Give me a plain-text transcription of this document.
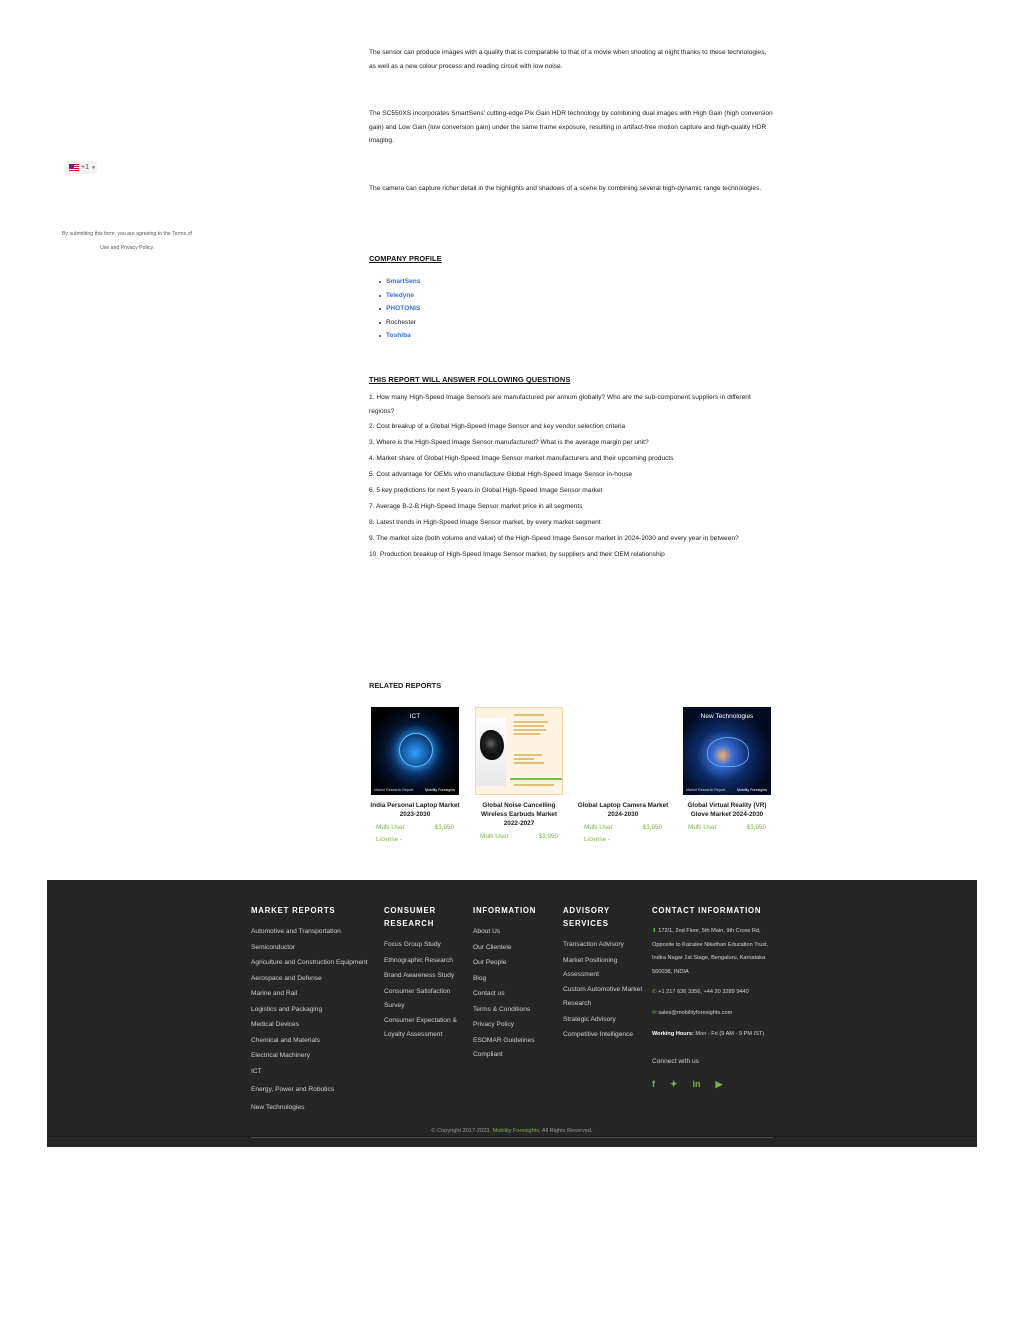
+1 ▼
By submitting this form, you are agreeing to the Terms of Use and Privacy Policy.

The sensor can produce images with a quality that is comparable to that of a movie when shooting at night thanks to these technologies, as well as a new colour process and reading circuit with low noise.

The SC550XS incorporates SmartSens' cutting-edge Pix Gain HDR technology by combining dual images with High Gain (high conversion gain) and Low Gain (low conversion gain) under the same frame exposure, resulting in artifact-free motion capture and high-quality HDR imaging.

The camera can capture richer detail in the highlights and shadows of a scene by combining several high-dynamic range technologies.

COMPANY PROFILE
SmartSens
Teledyne
PHOTONIS
Rochester
Toshiba
THIS REPORT WILL ANSWER FOLLOWING QUESTIONS

1. How many High-Speed Image Sensors are manufactured per annum globally? Who are the sub-component suppliers in different regions?

2. Cost breakup of a Global High-Speed Image Sensor and key vendor selection criteria

3. Where is the High-Speed Image Sensor manufactured? What is the average margin per unit?

4. Market share of Global High-Speed Image Sensor market manufacturers and their upcoming products

5. Cost advantage for OEMs who manufacture Global High-Speed Image Sensor in-house

6. 5 key predictions for next 5 years in Global High-Speed Image Sensor market

7. Average B-2-B High-Speed Image Sensor market price in all segments

8. Latest trends in High-Speed Image Sensor market, by every market segment

9. The market size (both volume and value) of the High-Speed Image Sensor market in 2024-2030 and every year in between?

10. Production breakup of High-Speed Image Sensor market, by suppliers and their OEM relationship

RELATED REPORTS
ICT
Market Research Report	Mobility Foresights
India Personal Laptop Market 2023-2030
Multi User License -
$3,950
Global Noise Cancelling Wireless Earbuds Market 2022-2027
Multi User	$3,950
Global Laptop Camera Market 2024-2030
Multi User License -
$3,950
New Technologies
Market Research Report	Mobility Foresights
Global Virtual Reality (VR) Glove Market 2024-2030
Multi User	$3,950
MARKET REPORTS
Automotive and Transportation
Semiconductor
Agriculture and Construction Equipment
Aerospace and Defense
Marine and Rail
Logistics and Packaging
Medical Devices
Chemical and Materials
Electrical Machinery
ICT
Energy, Power and Robotics
New Technologies
CONSUMER RESEARCH
Focus Group Study
Ethnographic Research
Brand Awareness Study
Consumer Satisfaction Survey
Consumer Expectation & Loyalty Assessment
INFORMATION
About Us
Our Clientele
Our People
Blog
Contact us
Terms & Conditions
Privacy Policy
ESOMAR Guidelines Compliant
ADVISORY SERVICES
Transaction Advisory
Market Positioning Assessment
Custom Automotive Market Research
Strategic Advisory
Competitive Intelligence
CONTACT INFORMATION
⬇ 172/1, 2nd Floor, 5th Main, 9th Cross Rd, Opposite to Kairalee Nikethan Education Trust, Indira Nagar 1st Stage, Bengaluru, Karnataka 560038, INDIA
✆ +1 217 636 3356, +44 20 3289 9440
✉ sales@mobilityforesights.com
Working Hours: Mon - Fri (9 AM - 9 PM IST)
Connect with us
f ✦ in ▶
© Copyright 2017-2023. Mobility Foresights. All Rights Reserved.
